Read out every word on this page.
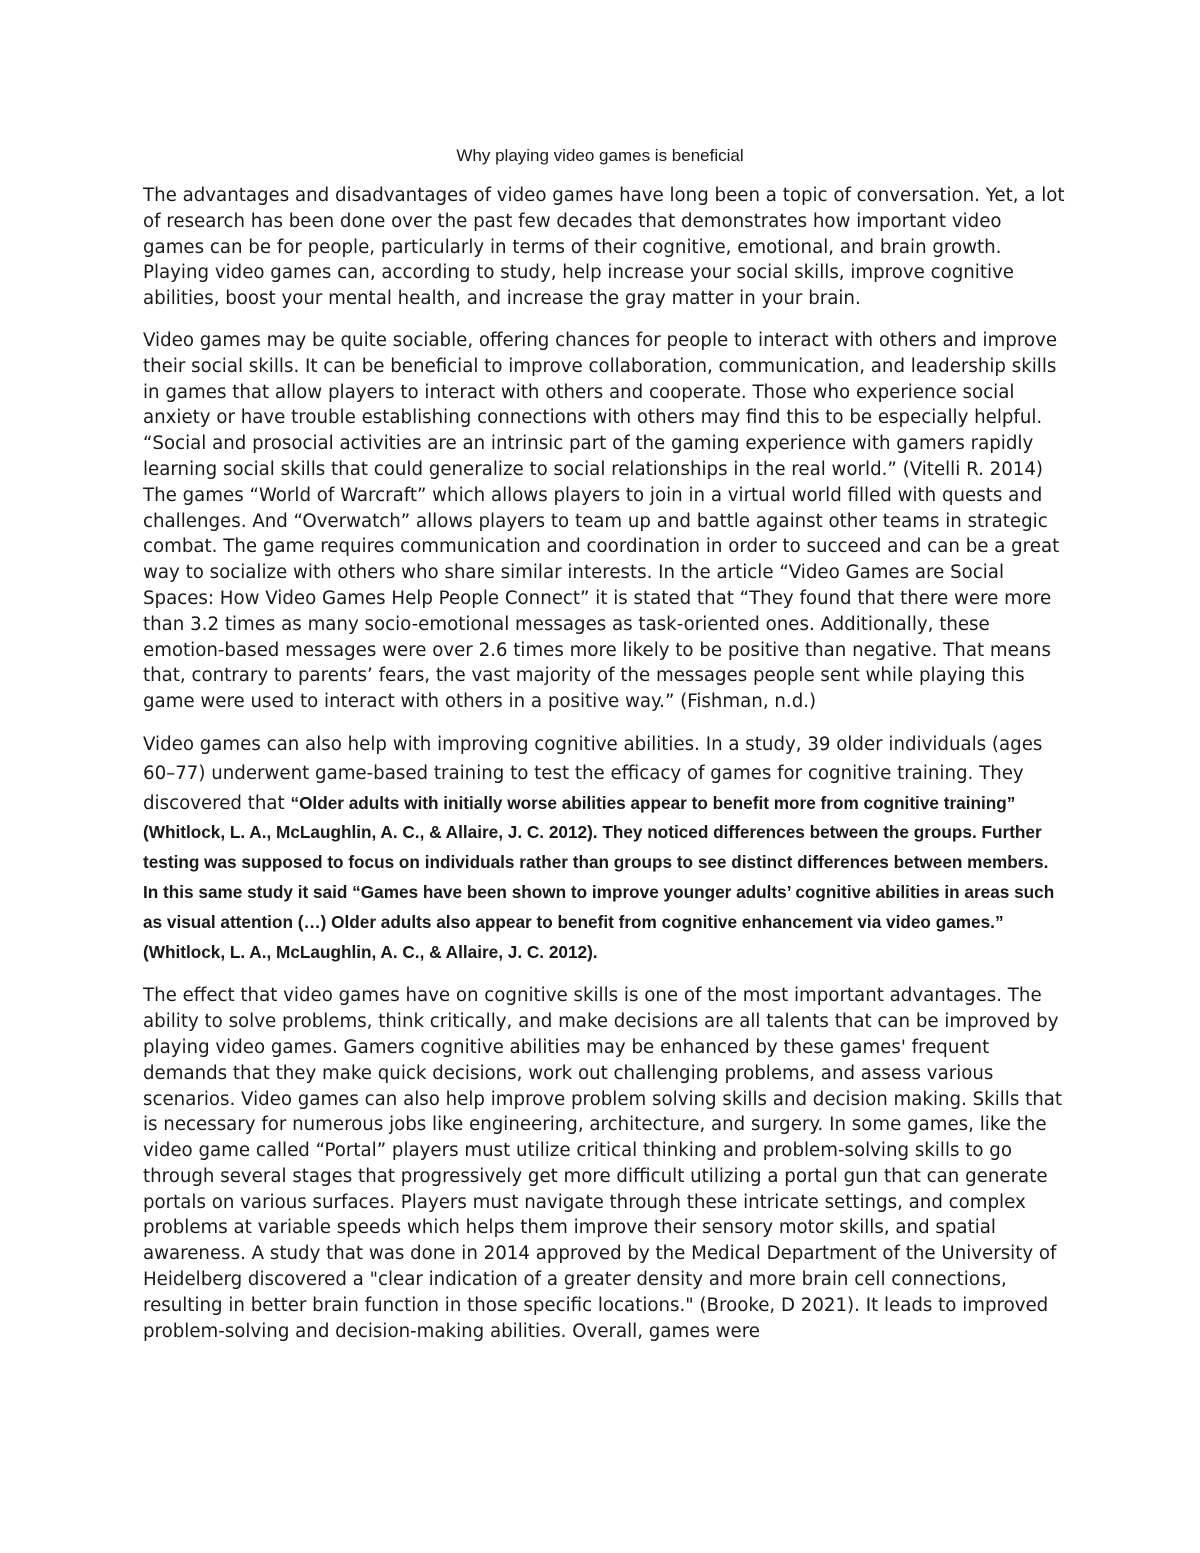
Why playing video games is beneficial

The advantages and disadvantages of video games have long been a topic of conversation. Yet, a lot of research has been done over the past few decades that demonstrates how important video games can be for people, particularly in terms of their cognitive, emotional, and brain growth. Playing video games can, according to study, help increase your social skills, improve cognitive abilities, boost your mental health, and increase the gray matter in your brain.

Video games may be quite sociable, offering chances for people to interact with others and improve their social skills. It can be beneficial to improve collaboration, communication, and leadership skills in games that allow players to interact with others and cooperate. Those who experience social anxiety or have trouble establishing connections with others may find this to be especially helpful. “Social and prosocial activities are an intrinsic part of the gaming experience with gamers rapidly learning social skills that could generalize to social relationships in the real world.” (Vitelli R. 2014) The games “World of Warcraft” which allows players to join in a virtual world filled with quests and challenges. And “Overwatch” allows players to team up and battle against other teams in strategic combat. The game requires communication and coordination in order to succeed and can be a great way to socialize with others who share similar interests. In the article “Video Games are Social Spaces: How Video Games Help People Connect” it is stated that “They found that there were more than 3.2 times as many socio-emotional messages as task-oriented ones. Additionally, these emotion-based messages were over 2.6 times more likely to be positive than negative. That means that, contrary to parents’ fears, the vast majority of the messages people sent while playing this game were used to interact with others in a positive way.” (Fishman, n.d.)

Video games can also help with improving cognitive abilities. In a study, 39 older individuals (ages 60–77) underwent game-based training to test the efficacy of games for cognitive training. They discovered that “Older adults with initially worse abilities appear to benefit more from cognitive training” (Whitlock, L. A., McLaughlin, A. C., & Allaire, J. C. 2012). They noticed differences between the groups. Further testing was supposed to focus on individuals rather than groups to see distinct differences between members. In this same study it said “Games have been shown to improve younger adults’ cognitive abilities in areas such as visual attention (…) Older adults also appear to benefit from cognitive enhancement via video games.” (Whitlock, L. A., McLaughlin, A. C., & Allaire, J. C. 2012).

The effect that video games have on cognitive skills is one of the most important advantages. The ability to solve problems, think critically, and make decisions are all talents that can be improved by playing video games. Gamers cognitive abilities may be enhanced by these games' frequent demands that they make quick decisions, work out challenging problems, and assess various scenarios. Video games can also help improve problem solving skills and decision making. Skills that is necessary for numerous jobs like engineering, architecture, and surgery. In some games, like the video game called “Portal” players must utilize critical thinking and problem-solving skills to go through several stages that progressively get more difficult utilizing a portal gun that can generate portals on various surfaces. Players must navigate through these intricate settings, and complex problems at variable speeds which helps them improve their sensory motor skills, and spatial awareness. A study that was done in 2014 approved by the Medical Department of the University of Heidelberg discovered a "clear indication of a greater density and more brain cell connections, resulting in better brain function in those specific locations." (Brooke, D 2021). It leads to improved problem-solving and decision-making abilities. Overall, games were
